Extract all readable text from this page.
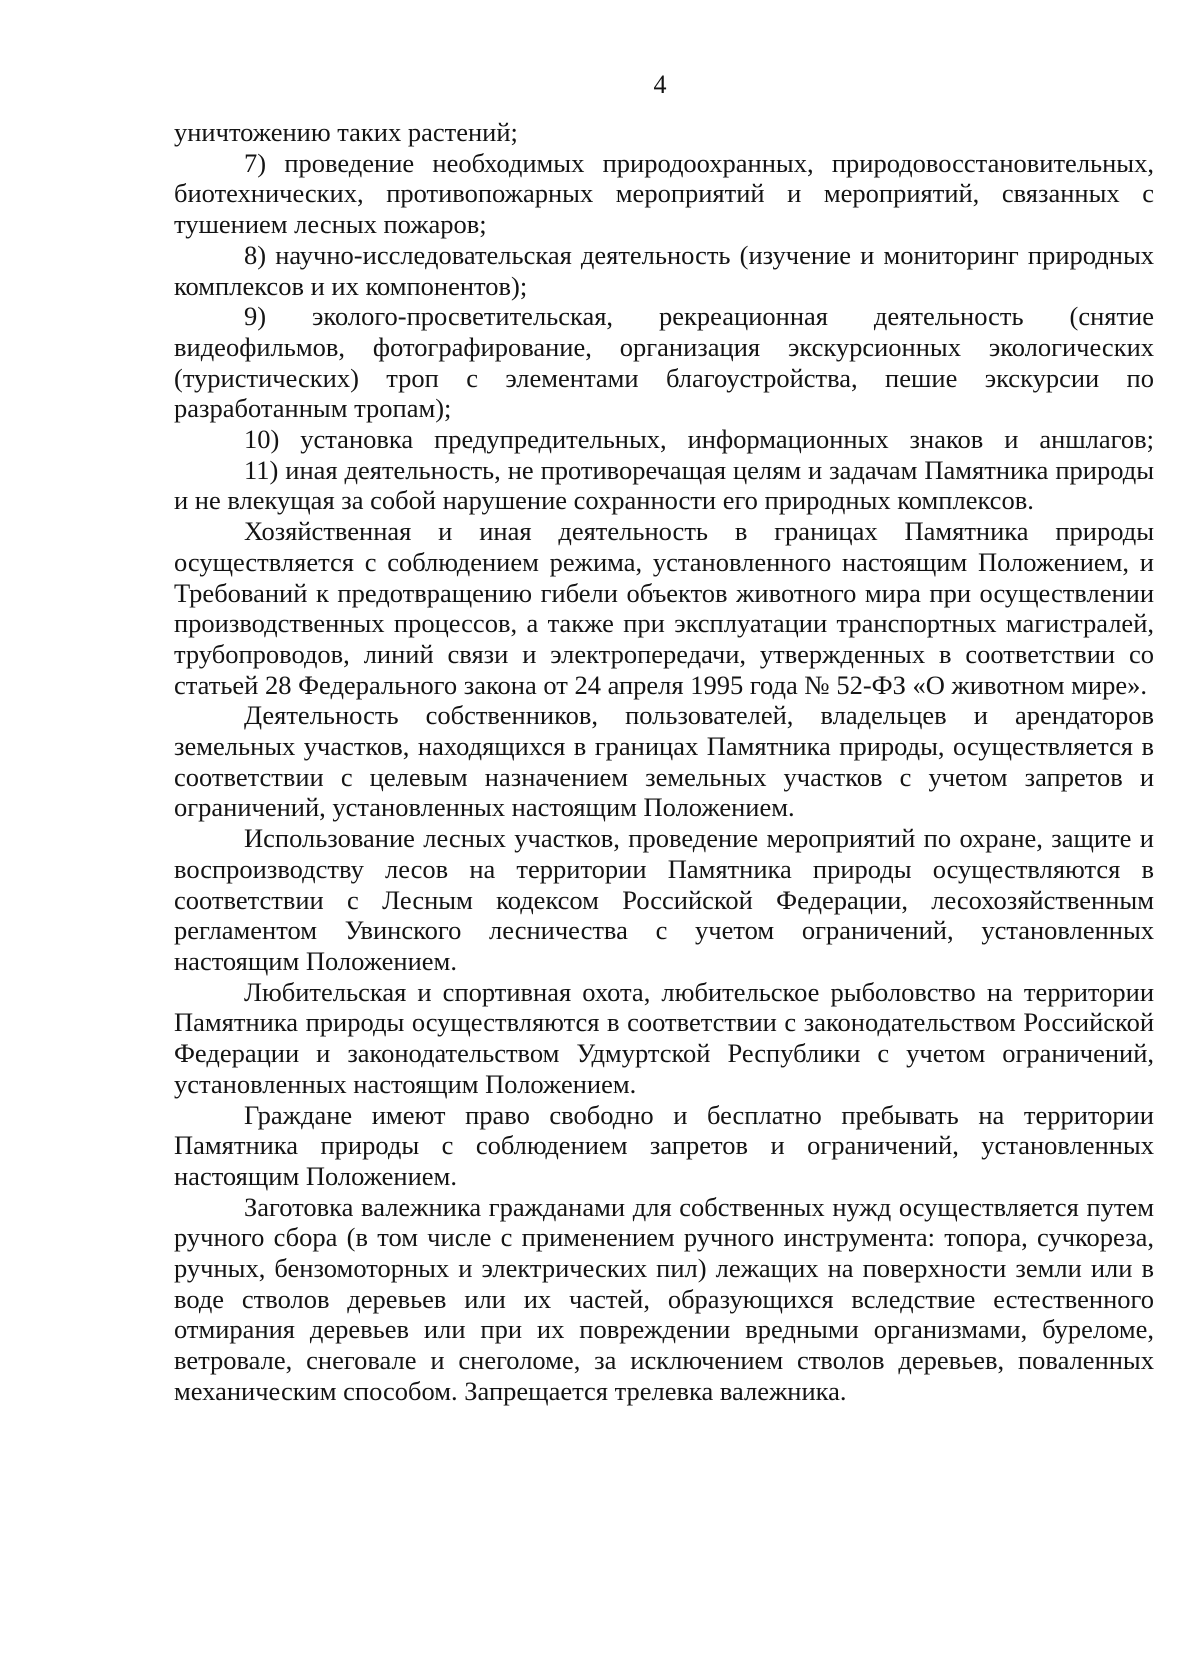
4

уничтожению таких растений;

7) проведение необходимых природоохранных, природовосстановительных, биотехнических, противопожарных мероприятий и мероприятий, связанных с тушением лесных пожаров;

8) научно-исследовательская деятельность (изучение и мониторинг природных комплексов и их компонентов);

9) эколого-просветительская, рекреационная деятельность (снятие видеофильмов, фотографирование, организация экскурсионных экологических (туристических) троп с элементами благоустройства, пешие экскурсии по разработанным тропам);

10) установка предупредительных, информационных знаков и аншлагов;

11) иная деятельность, не противоречащая целям и задачам Памятника природы и не влекущая за собой нарушение сохранности его природных комплексов.

Хозяйственная и иная деятельность в границах Памятника природы осуществляется с соблюдением режима, установленного настоящим Положением, и Требований к предотвращению гибели объектов животного мира при осуществлении производственных процессов, а также при эксплуатации транспортных магистралей, трубопроводов, линий связи и электропередачи, утвержденных в соответствии со статьей 28 Федерального закона от 24 апреля 1995 года № 52-ФЗ «О животном мире».

Деятельность собственников, пользователей, владельцев и арендаторов земельных участков, находящихся в границах Памятника природы, осуществляется в соответствии с целевым назначением земельных участков с учетом запретов и ограничений, установленных настоящим Положением.

Использование лесных участков, проведение мероприятий по охране, защите и воспроизводству лесов на территории Памятника природы осуществляются в соответствии с Лесным кодексом Российской Федерации, лесохозяйственным регламентом Увинского лесничества с учетом ограничений, установленных настоящим Положением.

Любительская и спортивная охота, любительское рыболовство на территории Памятника природы осуществляются в соответствии с законодательством Российской Федерации и законодательством Удмуртской Республики с учетом ограничений, установленных настоящим Положением.

Граждане имеют право свободно и бесплатно пребывать на территории Памятника природы с соблюдением запретов и ограничений, установленных настоящим Положением.

Заготовка валежника гражданами для собственных нужд осуществляется путем ручного сбора (в том числе с применением ручного инструмента: топора, сучкореза, ручных, бензомоторных и электрических пил) лежащих на поверхности земли или в воде стволов деревьев или их частей, образующихся вследствие естественного отмирания деревьев или при их повреждении вредными организмами, буреломе, ветровале, снеговале и снеголоме, за исключением стволов деревьев, поваленных механическим способом. Запрещается трелевка валежника.
